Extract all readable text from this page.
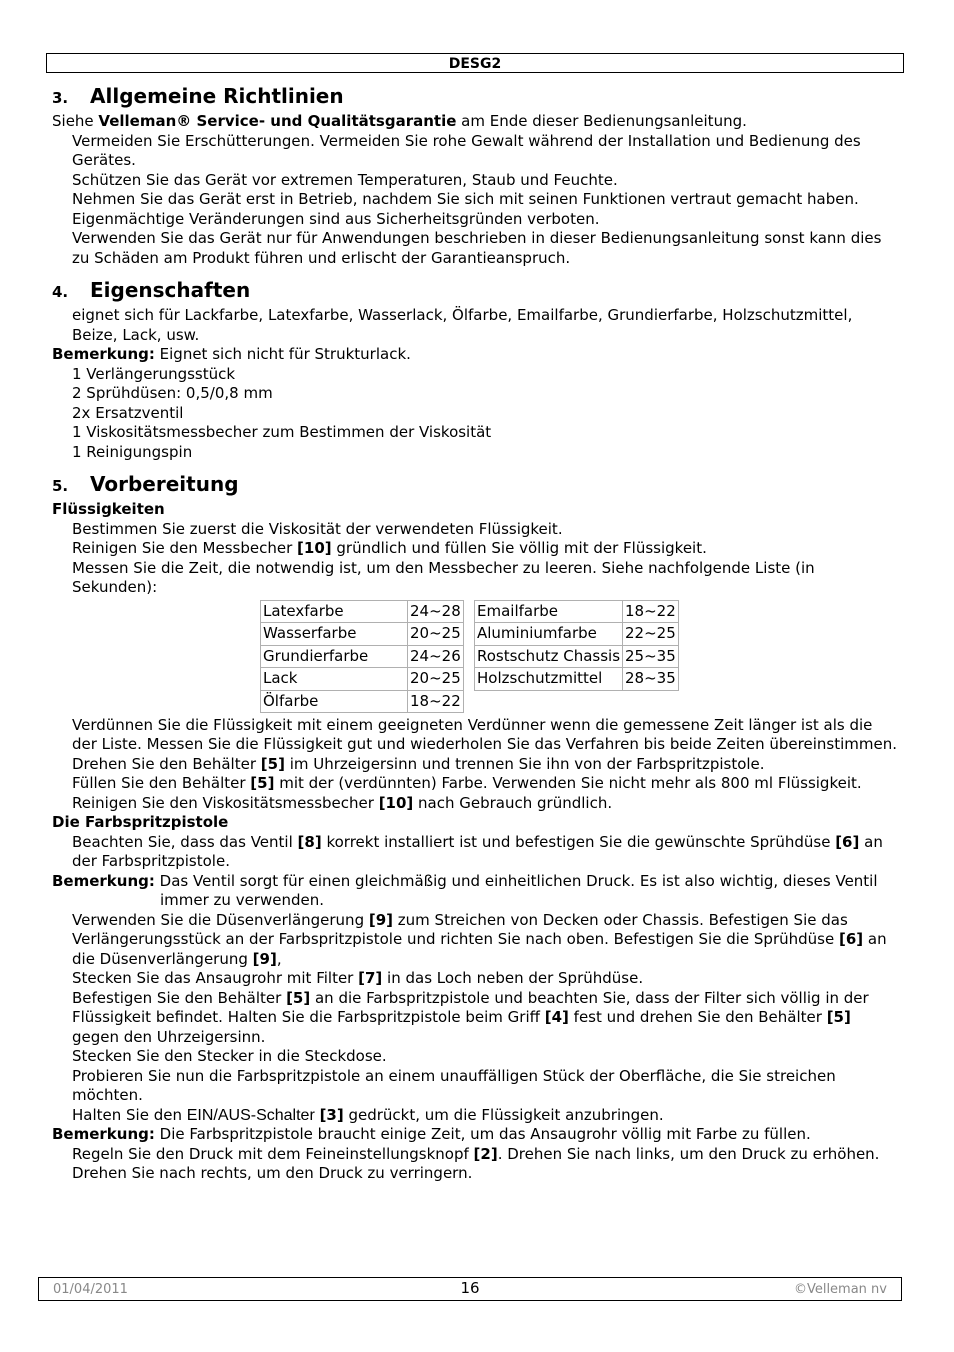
DESG2
3. Allgemeine Richtlinien

Siehe Velleman® Service- und Qualitätsgarantie am Ende dieser Bedienungsanleitung.

Vermeiden Sie Erschütterungen. Vermeiden Sie rohe Gewalt während der Installation und Bedienung des Gerätes.

Schützen Sie das Gerät vor extremen Temperaturen, Staub und Feuchte.

Nehmen Sie das Gerät erst in Betrieb, nachdem Sie sich mit seinen Funktionen vertraut gemacht haben.

Eigenmächtige Veränderungen sind aus Sicherheitsgründen verboten.

Verwenden Sie das Gerät nur für Anwendungen beschrieben in dieser Bedienungsanleitung sonst kann dies zu Schäden am Produkt führen und erlischt der Garantieanspruch.

4. Eigenschaften

eignet sich für Lackfarbe, Latexfarbe, Wasserlack, Ölfarbe, Emailfarbe, Grundierfarbe, Holzschutzmittel, Beize, Lack, usw.

Bemerkung: Eignet sich nicht für Strukturlack.

1 Verlängerungsstück

2 Sprühdüsen: 0,5/0,8 mm

2x Ersatzventil

1 Viskositätsmessbecher zum Bestimmen der Viskosität

1 Reinigungspin

5. Vorbereitung

Flüssigkeiten

Bestimmen Sie zuerst die Viskosität der verwendeten Flüssigkeit.

Reinigen Sie den Messbecher [10] gründlich und füllen Sie völlig mit der Flüssigkeit.

Messen Sie die Zeit, die notwendig ist, um den Messbecher zu leeren. Siehe nachfolgende Liste (in Sekunden):

Latexfarbe	24~28
Wasserfarbe	20~25
Grundierfarbe	24~26
Lack	20~25
Ölfarbe	18~22
Emailfarbe	18~22
Aluminiumfarbe	22~25
Rostschutz Chassis	25~35
Holzschutzmittel	28~35

Verdünnen Sie die Flüssigkeit mit einem geeigneten Verdünner wenn die gemessene Zeit länger ist als die der Liste. Messen Sie die Flüssigkeit gut und wiederholen Sie das Verfahren bis beide Zeiten übereinstimmen.

Drehen Sie den Behälter [5] im Uhrzeigersinn und trennen Sie ihn von der Farbspritzpistole.

Füllen Sie den Behälter [5] mit der (verdünnten) Farbe. Verwenden Sie nicht mehr als 800 ml Flüssigkeit.

Reinigen Sie den Viskositätsmessbecher [10] nach Gebrauch gründlich.

Die Farbspritzpistole

Beachten Sie, dass das Ventil [8] korrekt installiert ist und befestigen Sie die gewünschte Sprühdüse [6] an der Farbspritzpistole.

Bemerkung: Das Ventil sorgt für einen gleichmäßig und einheitlichen Druck. Es ist also wichtig, dieses Ventil immer zu verwenden.

Verwenden Sie die Düsenverlängerung [9] zum Streichen von Decken oder Chassis. Befestigen Sie das Verlängerungsstück an der Farbspritzpistole und richten Sie nach oben. Befestigen Sie die Sprühdüse [6] an die Düsenverlängerung [9],

Stecken Sie das Ansaugrohr mit Filter [7] in das Loch neben der Sprühdüse.

Befestigen Sie den Behälter [5] an die Farbspritzpistole und beachten Sie, dass der Filter sich völlig in der Flüssigkeit befindet. Halten Sie die Farbspritzpistole beim Griff [4] fest und drehen Sie den Behälter [5] gegen den Uhrzeigersinn.

Stecken Sie den Stecker in die Steckdose.

Probieren Sie nun die Farbspritzpistole an einem unauffälligen Stück der Oberfläche, die Sie streichen möchten.

Halten Sie den EIN/AUS-Schalter [3] gedrückt, um die Flüssigkeit anzubringen.

Bemerkung: Die Farbspritzpistole braucht einige Zeit, um das Ansaugrohr völlig mit Farbe zu füllen.

Regeln Sie den Druck mit dem Feineinstellungsknopf [2]. Drehen Sie nach links, um den Druck zu erhöhen. Drehen Sie nach rechts, um den Druck zu verringern.

01/04/2011	16	©Velleman nv
